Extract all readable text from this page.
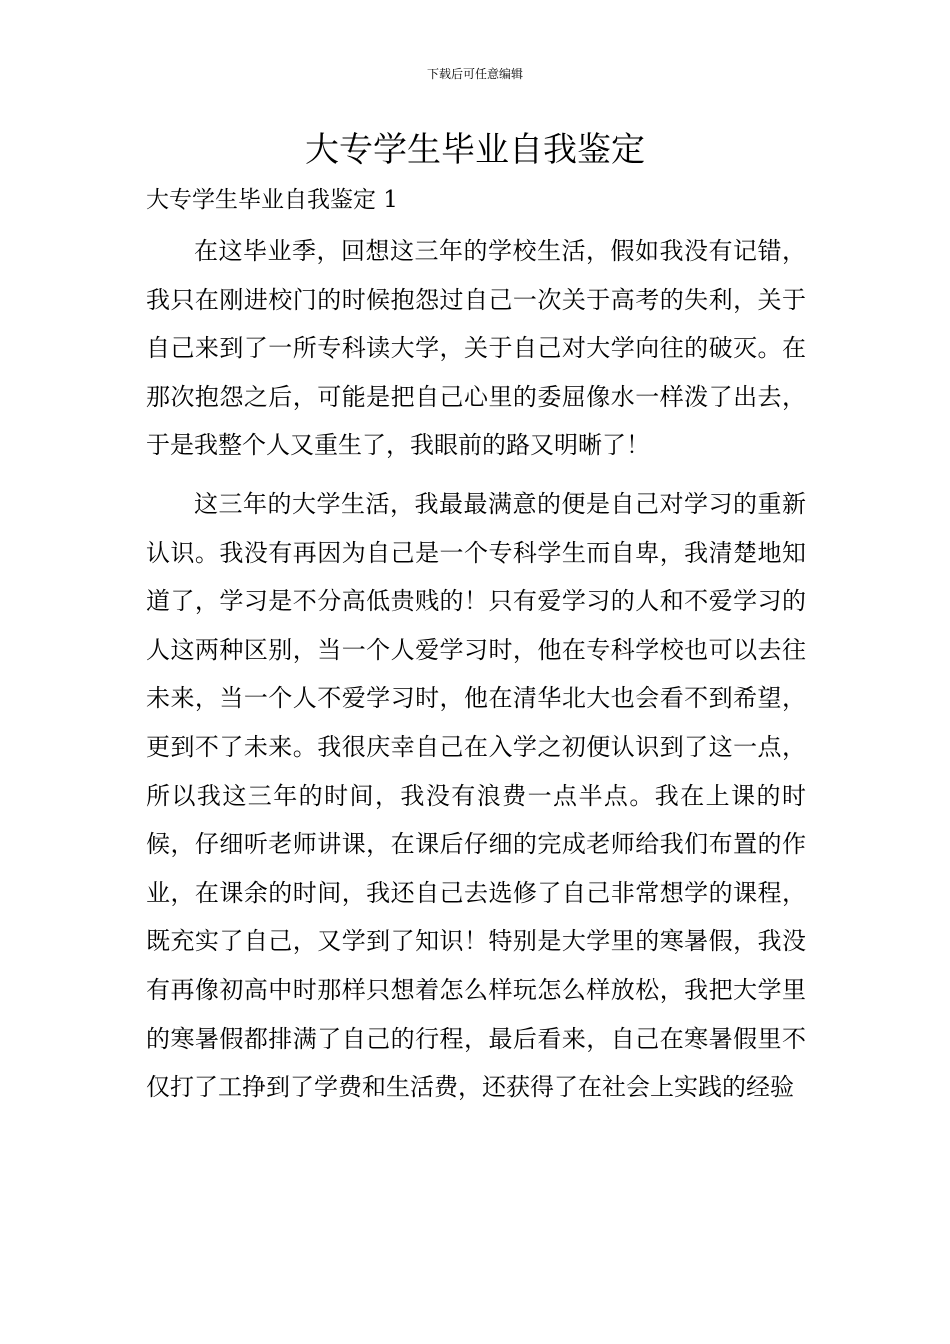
下载后可任意编辑
大专学生毕业自我鉴定
大专学生毕业自我鉴定 1

在这毕业季，回想这三年的学校生活，假如我没有记错，我只在刚进校门的时候抱怨过自己一次关于高考的失利，关于自己来到了一所专科读大学，关于自己对大学向往的破灭。在那次抱怨之后，可能是把自己心里的委屈像水一样泼了出去，于是我整个人又重生了，我眼前的路又明晰了！

这三年的大学生活，我最最满意的便是自己对学习的重新认识。我没有再因为自己是一个专科学生而自卑，我清楚地知道了，学习是不分高低贵贱的！只有爱学习的人和不爱学习的人这两种区别，当一个人爱学习时，他在专科学校也可以去往未来，当一个人不爱学习时，他在清华北大也会看不到希望，更到不了未来。我很庆幸自己在入学之初便认识到了这一点，所以我这三年的时间，我没有浪费一点半点。我在上课的时候，仔细听老师讲课，在课后仔细的完成老师给我们布置的作业，在课余的时间，我还自己去选修了自己非常想学的课程，既充实了自己，又学到了知识！特别是大学里的寒暑假，我没有再像初高中时那样只想着怎么样玩怎么样放松，我把大学里的寒暑假都排满了自己的行程，最后看来，自己在寒暑假里不仅打了工挣到了学费和生活费，还获得了在社会上实践的经验
